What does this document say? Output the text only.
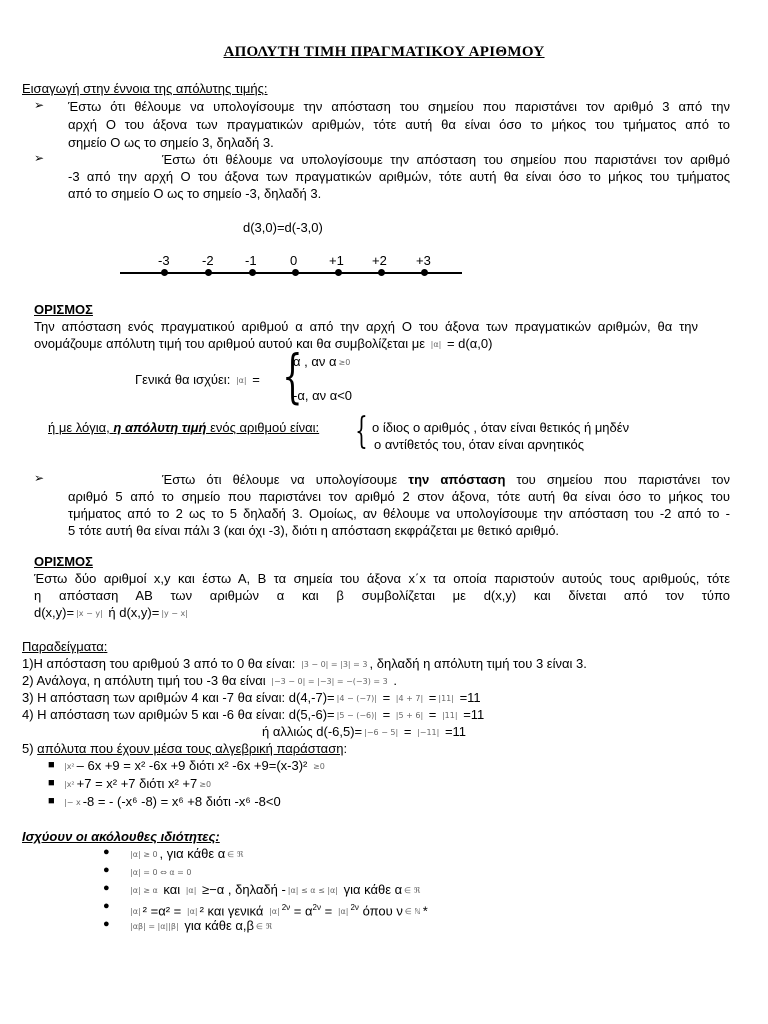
ΑΠΟΛΥΤΗ ΤΙΜΗ ΠΡΑΓΜΑΤΙΚΟΥ ΑΡΙΘΜΟΥ
Εισαγωγή στην έννοια της απόλυτης τιμής:
➢ Έστω ότι θέλουμε να υπολογίσουμε την απόσταση του σημείου που παριστάνει τον αριθμό 3 από την
αρχή Ο του άξονα των πραγματικών αριθμών, τότε αυτή θα είναι όσο το μήκος του τμήματος από το
σημείο Ο ως το σημείο 3, δηλαδή 3.
➢	Έστω ότι θέλουμε να υπολογίσουμε την απόσταση του σημείου που παριστάνει τον αριθμό
-3 από την αρχή Ο του άξονα των πραγματικών αριθμών, τότε αυτή θα είναι όσο το μήκος του τμήματος
από το σημείο Ο ως το σημείο -3, δηλαδή 3.
d(3,0)=d(-3,0)
-3 -2 -1	0 +1 +2 +3
ΟΡΙΣΜΟΣ
Την απόσταση ενός πραγματικού αριθμού α από την αρχή Ο του άξονα των πραγματικών αριθμών, θα την
ονομάζουμε απόλυτη τιμή του αριθμού αυτού και θα συμβολίζεται με |α| = d(α,0)
α , αν α ≥0
Γενικά θα ισχύει: |α| = {
-α, αν α<0
ή με λόγια, η απόλυτη τιμή ενός αριθμού είναι: { ο ίδιος ο αριθμός , όταν είναι θετικός ή μηδέν
ο αντίθετός του, όταν είναι αρνητικός
➢	Έστω ότι θέλουμε να υπολογίσουμε την απόσταση του σημείου που παριστάνει τον
αριθμό 5 από το σημείο που παριστάνει τον αριθμό 2 στον άξονα, τότε αυτή θα είναι όσο το μήκος του
τμήματος από το 2 ως το 5 δηλαδή 3. Ομοίως, αν θέλουμε να υπολογίσουμε την απόσταση του -2 από το -
5 τότε αυτή θα είναι πάλι 3 (και όχι -3), διότι η απόσταση εκφράζεται με θετικό αριθμό.
ΟΡΙΣΜΟΣ
Έστω δύο αριθμοί x,y και έστω Α, Β τα σημεία του άξονα x΄x τα οποία παριστούν αυτούς τους αριθμούς, τότε
η απόσταση ΑΒ των αριθμών α και β συμβολίζεται με d(x,y) και δίνεται από τον τύπο
d(x,y)= |x − y| ή d(x,y)= |y − x|
Παραδείγματα:
1)Η απόσταση του αριθμού 3 από το 0 θα είναι: |3 − 0| = |3| = 3 , δηλαδή η απόλυτη τιμή του 3 είναι 3.
2) Ανάλογα, η απόλυτη τιμή του -3 θα είναι |−3 − 0| = |−3| = −(−3) = 3 .
3) Η απόσταση των αριθμών 4 και -7 θα είναι: d(4,-7)= |4 − (−7)| = |4 + 7| = |11| =11
4) Η απόσταση των αριθμών 5 και -6 θα είναι: d(5,-6)= |5 − (−6)| = |5 + 6| = |11| =11
ή αλλιώς d(-6,5)= |−6 − 5| = |−11| =11
5) απόλυτα που έχουν μέσα τους αλγεβρική παράσταση:
■ |x²– 6x +9 = x² -6x +9 διότι x² -6x +9=(x-3)² ≥0
■ |x²+7 = x² +7 διότι x² +7 ≥0
■ |− x -8 = - (-x⁶ -8) = x⁶ +8 διότι -x⁶ -8<0
Ισχύουν οι ακόλουθες ιδιότητες:
●	|α| ≥ 0 , για κάθε α ∈ ℜ
●	|α| = 0 ⇔ α = 0
●	|α| ≥ α και |α| ≥−α , δηλαδή - |α| ≤ α ≤ |α| για κάθε α ∈ ℜ
●	|α| ² =α² = |α| ² και γενικά |α| $^{2\nu} = \alpha^{2\nu} = |\alpha|$ $^{2\nu}$ όπου ν ∈ ℕ *
●	|αβ| = |α||β| για κάθε α,β ∈ ℜ
